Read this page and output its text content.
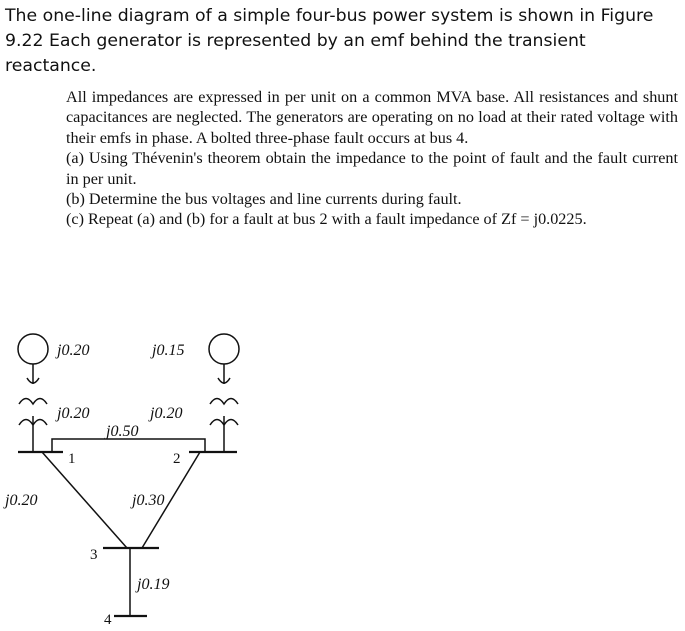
The one-line diagram of a simple four-bus power system is shown in Figure 9.22 Each generator is represented by an emf behind the transient reactance.

All impedances are expressed in per unit on a common MVA base. All resistances and shunt capacitances are neglected. The generators are operating on no load at their rated voltage with their emfs in phase. A bolted three-phase fault occurs at bus 4.

(a) Using Thévenin's theorem obtain the impedance to the point of fault and the fault current in per unit.

(b) Determine the bus voltages and line currents during fault.

(c) Repeat (a) and (b) for a fault at bus 2 with a fault impedance of Zf = j0.0225.

j0.20	j0.15
j0.20	j0.20
j0.50
j0.20	j0.30
j0.19
1	2
3
4
